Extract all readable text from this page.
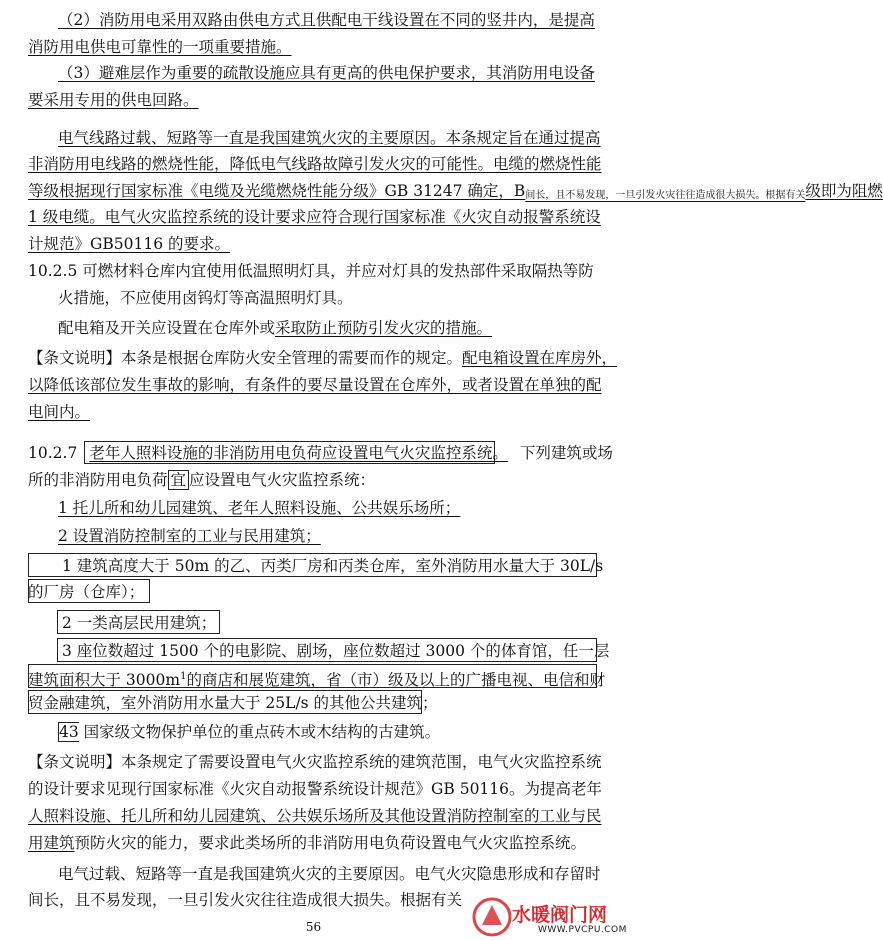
（2）消防用电采用双路由供电方式且供配电干线设置在不同的竖井内，是提高
消防用电供电可靠性的一项重要措施。
（3）避难层作为重要的疏散设施应具有更高的供电保护要求，其消防用电设备
要采用专用的供电回路。
电气线路过载、短路等一直是我国建筑火灾的主要原因。本条规定旨在通过提高
非消防用电线路的燃烧性能，降低电气线路故障引发火灾的可能性。电缆的燃烧性能
等级根据现行国家标准《电缆及光缆燃烧性能分级》GB 31247 确定，$B_{间长,且不易发现,一旦引发火灾往往造成很大损失。根据有关}$级即为阻燃
1 级电缆。电气火灾监控系统的设计要求应符合现行国家标准《火灾自动报警系统设
计规范》GB50116 的要求。
10.2.5 可燃材料仓库内宜使用低温照明灯具，并应对灯具的发热部件采取隔热等防
火措施，不应使用卤钨灯等高温照明灯具。
配电箱及开关应设置在仓库外或采取防止预防引发火灾的措施。
【条文说明】本条是根据仓库防火安全管理的需要而作的规定。配电箱设置在库房外，
以降低该部位发生事故的影响，有条件的要尽量设置在仓库外，或者设置在单独的配
电间内。
10.2.7 老年人照料设施的非消防用电负荷应设置电气火灾监控系统。 下列建筑或场
所的非消防用电负荷 宜 应设置电气火灾监控系统：
1 托儿所和幼儿园建筑、老年人照料设施、公共娱乐场所；
2 设置消防控制室的工业与民用建筑；
1 建筑高度大于 50m 的乙、丙类厂房和丙类仓库，室外消防用水量大于 30L/s
的厂房（仓库）；
2 一类高层民用建筑；
3 座位数超过 1500 个的电影院、剧场，座位数超过 3000 个的体育馆，任一层
建筑面积大于 $3000m^1$的商店和展览建筑，省（市）级及以上的广播电视、电信和财
贸金融建筑，室外消防用水量大于 25L/s 的其他公共建筑；
43 国家级文物保护单位的重点砖木或木结构的古建筑。
【条文说明】本条规定了需要设置电气火灾监控系统的建筑范围，电气火灾监控系统
的设计要求见现行国家标准《火灾自动报警系统设计规范》GB 50116。为提高老年
人照料设施、托儿所和幼儿园建筑、公共娱乐场所及其他设置消防控制室的工业与民
用建筑预防火灾的能力，要求此类场所的非消防用电负荷设置电气火灾监控系统。
电气过载、短路等一直是我国建筑火灾的主要原因。电气火灾隐患形成和存留时
间长，且不易发现，一旦引发火灾往往造成很大损失。根据有关
56
水暖阀门网
WWW.PVCPU.COM
